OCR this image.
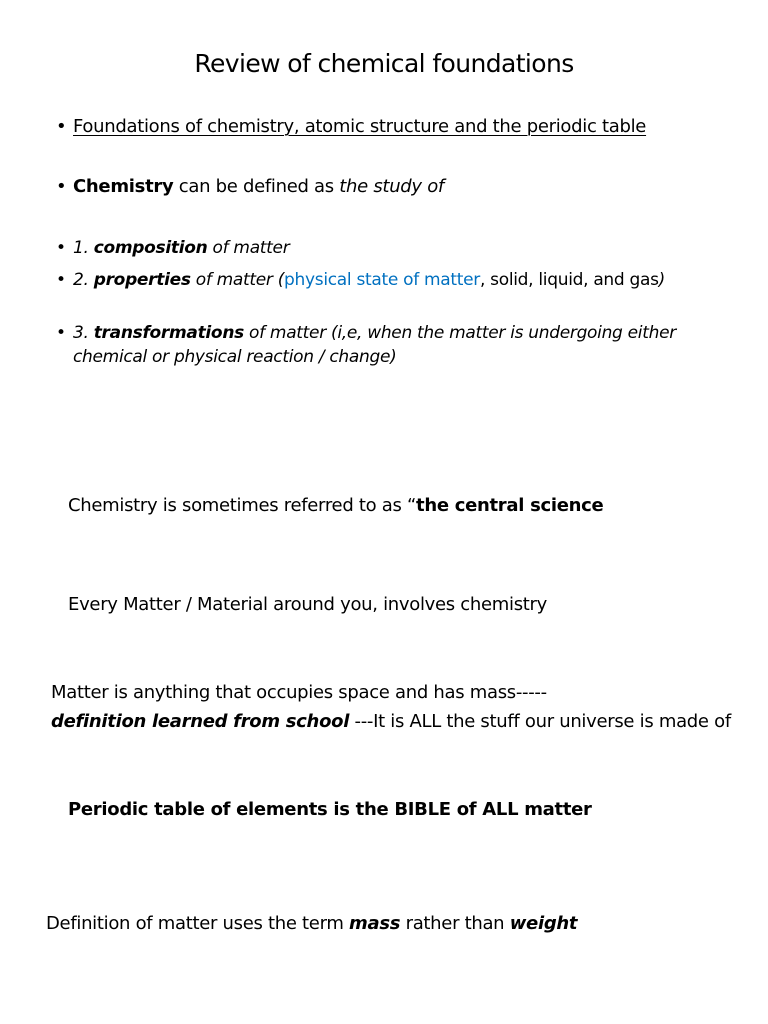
Review of chemical foundations
• Foundations of chemistry, atomic structure and the periodic table
• Chemistry can be defined as the study of
• 1. composition of matter
• 2. properties of matter (physical state of matter, solid, liquid, and gas)
• 3. transformations of matter (i,e, when the matter is undergoing either chemical or physical reaction / change)
Chemistry is sometimes referred to as “the central science
Every Matter / Material around you, involves chemistry
Matter is anything that occupies space and has mass-----
definition learned from school ---It is ALL the stuff our universe is made of
Periodic table of elements is the BIBLE of ALL matter
Definition of matter uses the term mass rather than weight
